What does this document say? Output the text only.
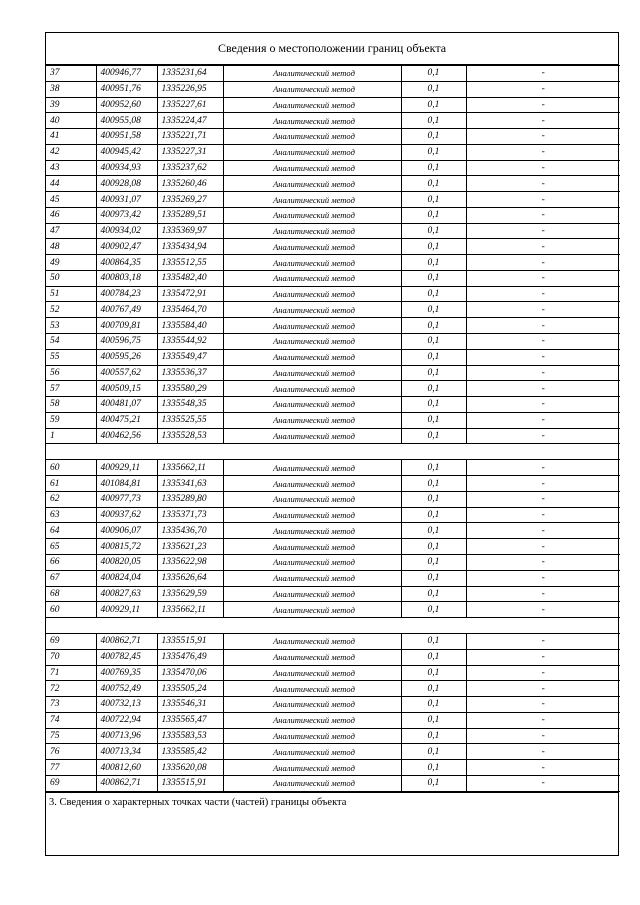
Сведения о местоположении границ объекта
37	400946,77	1335231,64	Аналитический метод	0,1	-
38	400951,76	1335226,95	Аналитический метод	0,1	-
39	400952,60	1335227,61	Аналитический метод	0,1	-
40	400955,08	1335224,47	Аналитический метод	0,1	-
41	400951,58	1335221,71	Аналитический метод	0,1	-
42	400945,42	1335227,31	Аналитический метод	0,1	-
43	400934,93	1335237,62	Аналитический метод	0,1	-
44	400928,08	1335260,46	Аналитический метод	0,1	-
45	400931,07	1335269,27	Аналитический метод	0,1	-
46	400973,42	1335289,51	Аналитический метод	0,1	-
47	400934,02	1335369,97	Аналитический метод	0,1	-
48	400902,47	1335434,94	Аналитический метод	0,1	-
49	400864,35	1335512,55	Аналитический метод	0,1	-
50	400803,18	1335482,40	Аналитический метод	0,1	-
51	400784,23	1335472,91	Аналитический метод	0,1	-
52	400767,49	1335464,70	Аналитический метод	0,1	-
53	400709,81	1335584,40	Аналитический метод	0,1	-
54	400596,75	1335544,92	Аналитический метод	0,1	-
55	400595,26	1335549,47	Аналитический метод	0,1	-
56	400557,62	1335536,37	Аналитический метод	0,1	-
57	400509,15	1335580,29	Аналитический метод	0,1	-
58	400481,07	1335548,35	Аналитический метод	0,1	-
59	400475,21	1335525,55	Аналитический метод	0,1	-
1	400462,56	1335528,53	Аналитический метод	0,1	-

60	400929,11	1335662,11	Аналитический метод	0,1	-
61	401084,81	1335341,63	Аналитический метод	0,1	-
62	400977,73	1335289,80	Аналитический метод	0,1	-
63	400937,62	1335371,73	Аналитический метод	0,1	-
64	400906,07	1335436,70	Аналитический метод	0,1	-
65	400815,72	1335621,23	Аналитический метод	0,1	-
66	400820,05	1335622,98	Аналитический метод	0,1	-
67	400824,04	1335626,64	Аналитический метод	0,1	-
68	400827,63	1335629,59	Аналитический метод	0,1	-
60	400929,11	1335662,11	Аналитический метод	0,1	-

69	400862,71	1335515,91	Аналитический метод	0,1	-
70	400782,45	1335476,49	Аналитический метод	0,1	-
71	400769,35	1335470,06	Аналитический метод	0,1	-
72	400752,49	1335505,24	Аналитический метод	0,1	-
73	400732,13	1335546,31	Аналитический метод	0,1	-
74	400722,94	1335565,47	Аналитический метод	0,1	-
75	400713,96	1335583,53	Аналитический метод	0,1	-
76	400713,34	1335585,42	Аналитический метод	0,1	-
77	400812,60	1335620,08	Аналитический метод	0,1	-
69	400862,71	1335515,91	Аналитический метод	0,1	-
3. Сведения о характерных точках части (частей) границы объекта
